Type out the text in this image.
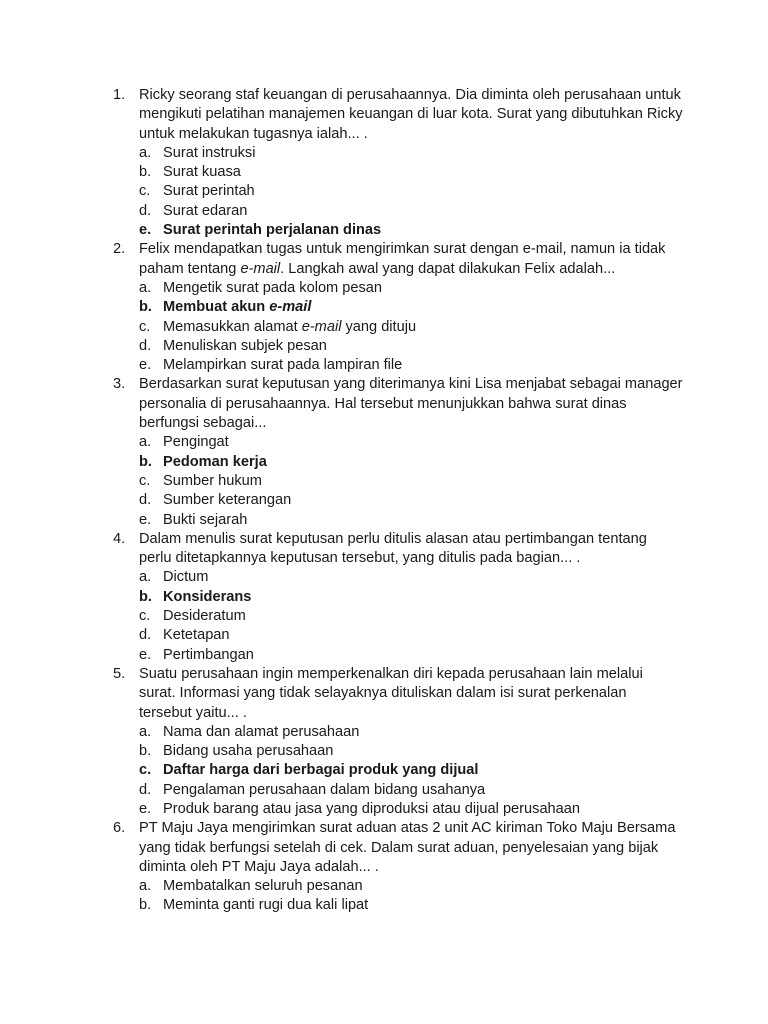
1. Ricky seorang staf keuangan di perusahaannya. Dia diminta oleh perusahaan untuk mengikuti pelatihan manajemen keuangan di luar kota. Surat yang dibutuhkan Ricky untuk melakukan tugasnya ialah... .
a. Surat instruksi
b. Surat kuasa
c. Surat perintah
d. Surat edaran
e. Surat perintah perjalanan dinas
2. Felix mendapatkan tugas untuk mengirimkan surat dengan e-mail, namun ia tidak paham tentang e-mail. Langkah awal yang dapat dilakukan Felix adalah...
a. Mengetik surat pada kolom pesan
b. Membuat akun e-mail
c. Memasukkan alamat e-mail yang dituju
d. Menuliskan subjek pesan
e. Melampirkan surat pada lampiran file
3. Berdasarkan surat keputusan yang diterimanya kini Lisa menjabat sebagai manager personalia di perusahaannya. Hal tersebut menunjukkan bahwa surat dinas berfungsi sebagai...
a. Pengingat
b. Pedoman kerja
c. Sumber hukum
d. Sumber keterangan
e. Bukti sejarah
4. Dalam menulis surat keputusan perlu ditulis alasan atau pertimbangan tentang perlu ditetapkannya keputusan tersebut, yang ditulis pada bagian... .
a. Dictum
b. Konsiderans
c. Desideratum
d. Ketetapan
e. Pertimbangan
5. Suatu perusahaan ingin memperkenalkan diri kepada perusahaan lain melalui surat. Informasi yang tidak selayaknya dituliskan dalam isi surat perkenalan tersebut yaitu... .
a. Nama dan alamat perusahaan
b. Bidang usaha perusahaan
c. Daftar harga dari berbagai produk yang dijual
d. Pengalaman perusahaan dalam bidang usahanya
e. Produk barang atau jasa yang diproduksi atau dijual perusahaan
6. PT Maju Jaya mengirimkan surat aduan atas 2 unit AC kiriman Toko Maju Bersama yang tidak berfungsi setelah di cek. Dalam surat aduan, penyelesaian yang bijak diminta oleh PT Maju Jaya adalah... .
a. Membatalkan seluruh pesanan
b. Meminta ganti rugi dua kali lipat
